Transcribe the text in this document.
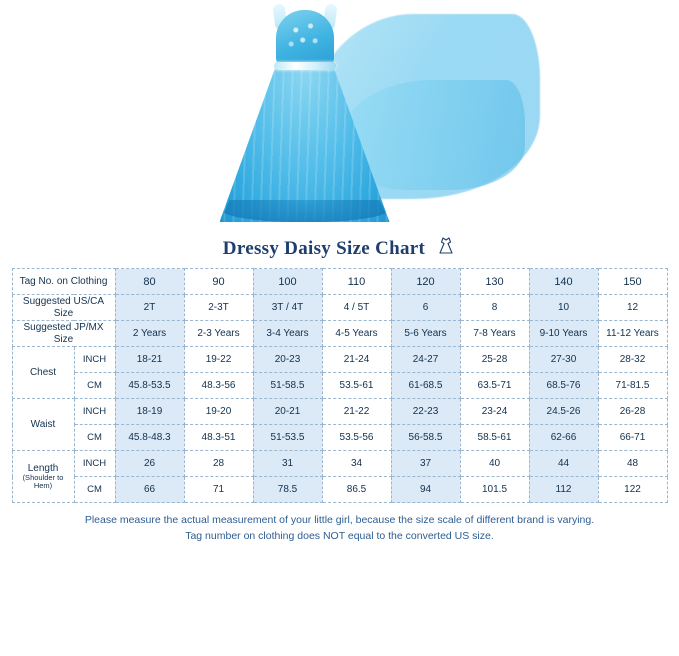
Dressy Daisy Size Chart
Tag No. on Clothing		80	90	100	110	120	130	140	150
Suggested US/CA Size		2T	2-3T	3T / 4T	4 / 5T	6	8	10	12
Suggested JP/MX Size		2 Years	2-3 Years	3-4 Years	4-5 Years	5-6 Years	7-8 Years	9-10 Years	11-12 Years
Chest	INCH	18-21	19-22	20-23	21-24	24-27	25-28	27-30	28-32
	CM	45.8-53.5	48.3-56	51-58.5	53.5-61	61-68.5	63.5-71	68.5-76	71-81.5
Waist	INCH	18-19	19-20	20-21	21-22	22-23	23-24	24.5-26	26-28
	CM	45.8-48.3	48.3-51	51-53.5	53.5-56	56-58.5	58.5-61	62-66	66-71
Length
(Shoulder to Hem)	INCH	26	28	31	34	37	40	44	48
	CM	66	71	78.5	86.5	94	101.5	112	122
Please measure the actual measurement of your little girl, because the size scale of different brand is varying.
Tag number on clothing does NOT equal to the converted US size.
